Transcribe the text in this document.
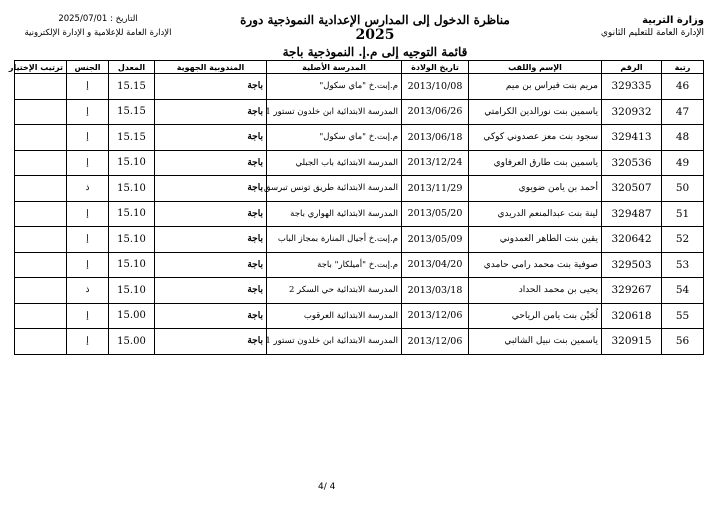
وزارة التربية
الإدارة العامة للتعليم الثانوي
مناظرة الدخول إلى المدارس الإعدادية النموذجية دورة 2025
قائمة التوجيه إلى م.إ. النموذجية باجة
التاريخ : 2025/07/01
الإدارة العامة للإعلامية و الإدارة الإلكترونية
رتبة	الرقم	الإسم واللقب	تاريخ الولادة	المدرسة الأصلية	المندوبية الجهوية	المعدل	الجنس	ترتيب الإختيار
46	329335	مريم بنت فيراس بن ميم	2013/10/08	م.إبت.خ "ماي سكول"	باجة	15.15	إ	
47	320932	ياسمين بنت نورالدين الكرامتي	2013/06/26	المدرسة الابتدائية ابن خلدون تستور 1	باجة	15.15	إ	
48	329413	سجود بنت معز عصدوني كوكي	2013/06/18	م.إبت.خ "ماي سكول"	باجة	15.15	إ	
49	320536	ياسمين بنت طارق العرفاوي	2013/12/24	المدرسة الابتدائية باب الجبلي	باجة	15.10	إ	
50	320507	أحمد بن يامن ضويوي	2013/11/29	المدرسة الابتدائية طريق تونس تبرسق	باجة	15.10	ذ	
51	329487	لينة بنت عبدالمنعم الدريدي	2013/05/20	المدرسة الابتدائية الهواري باجة	باجة	15.10	إ	
52	320642	يقين بنت الطاهر العمدوني	2013/05/09	م.إبت.خ أجيال المنارة بمجاز الباب	باجة	15.10	إ	
53	329503	صوفية بنت محمد رامي حامدي	2013/04/20	م.إبت.خ "أميلكار" باجة	باجة	15.10	إ	
54	329267	يحيى بن محمد الحداد	2013/03/18	المدرسة الابتدائية حي السكر 2	باجة	15.10	ذ	
55	320618	لُجَيْن بنت يامن الرياحي	2013/12/06	المدرسة الابتدائية العرقوب	باجة	15.00	إ	
56	320915	ياسمين بنت نبيل الشائبي	2013/12/06	المدرسة الابتدائية ابن خلدون تستور 1	باجة	15.00	إ	
4/ 4
